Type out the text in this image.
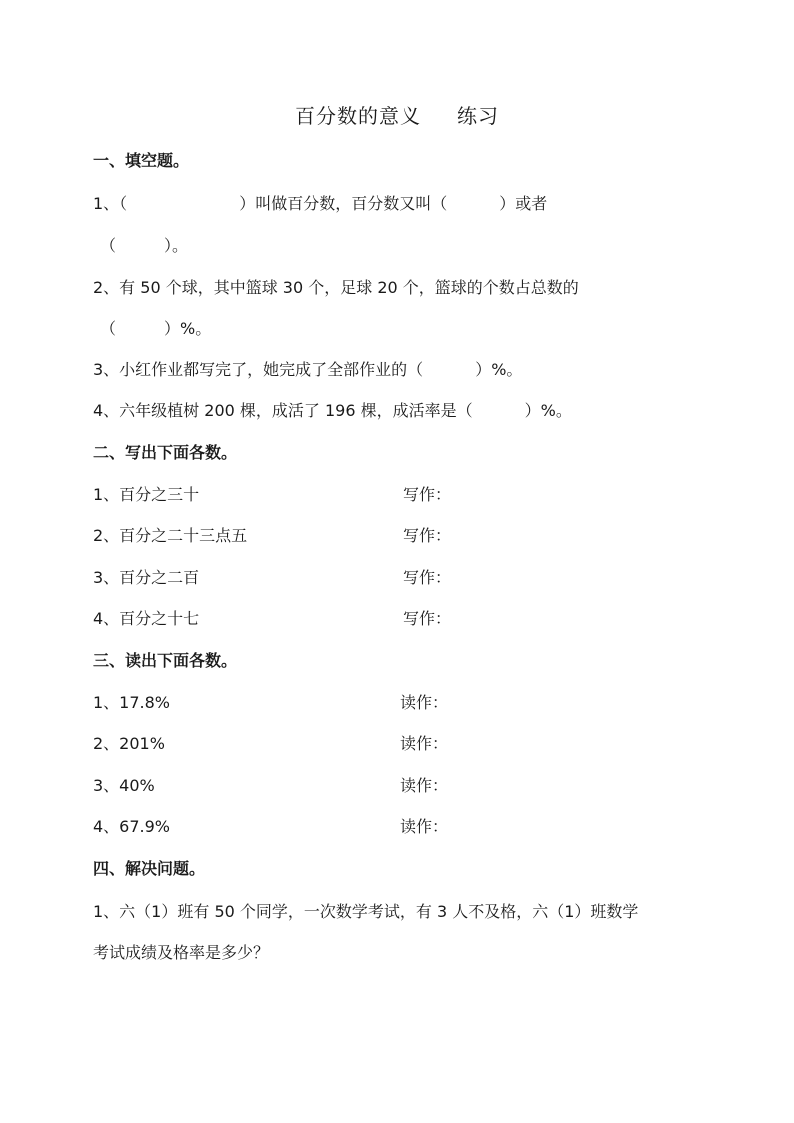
百分数的意义 练习
一、填空题。
1、（	）叫做百分数，百分数又叫（	）或者
（	）。
2、有 50 个球，其中篮球 30 个，足球 20 个，篮球的个数占总数的
（	）%。
3、小红作业都写完了，她完成了全部作业的（	）%。
4、六年级植树 200 棵，成活了 196 棵，成活率是（	）%。
二、写出下面各数。
1、百分之三十	写作：
2、百分之二十三点五	写作：
3、百分之二百	写作：
4、百分之十七	写作：
三、读出下面各数。
1、17.8%	读作：
2、201%	读作：
3、40%	读作：
4、67.9%	读作：
四、解决问题。
1、六（1）班有 50 个同学，一次数学考试，有 3 人不及格，六（1）班数学
考试成绩及格率是多少？
